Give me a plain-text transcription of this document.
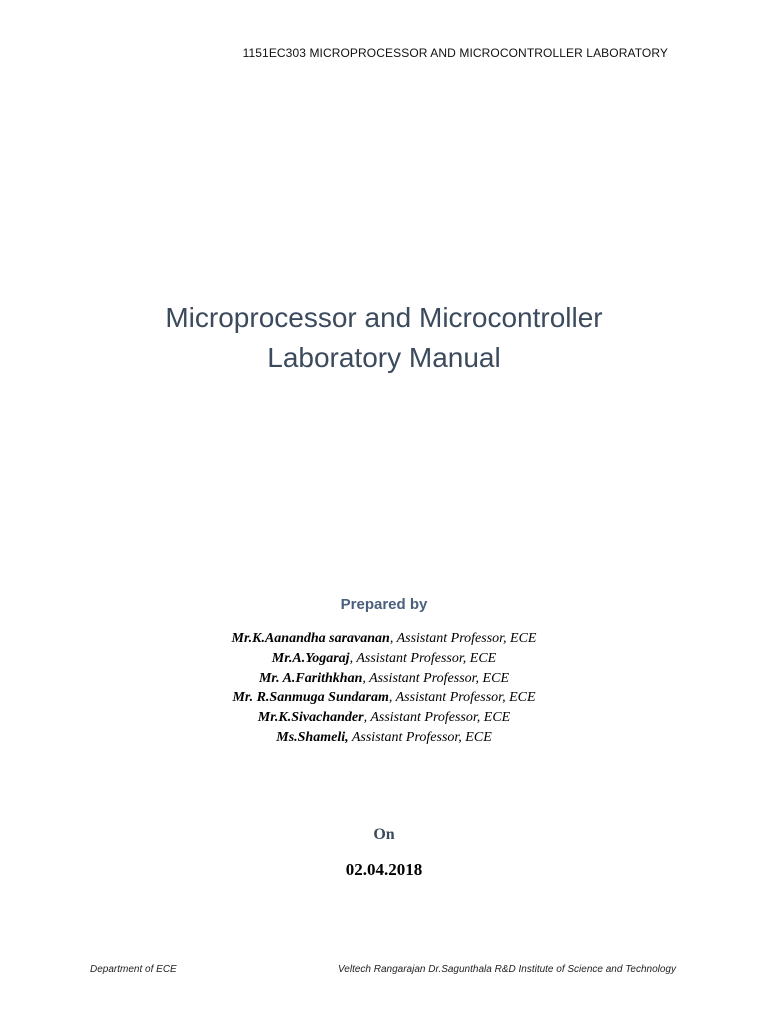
1151EC303 MICROPROCESSOR AND MICROCONTROLLER LABORATORY
Microprocessor and Microcontroller
Laboratory Manual
Prepared by
Mr.K.Aanandha saravanan, Assistant Professor, ECE
Mr.A.Yogaraj, Assistant Professor, ECE
Mr. A.Farithkhan, Assistant Professor, ECE
Mr. R.Sanmuga Sundaram, Assistant Professor, ECE
Mr.K.Sivachander, Assistant Professor, ECE
Ms.Shameli, Assistant Professor, ECE
On
02.04.2018
Department of ECE	Veltech Rangarajan Dr.Sagunthala R&D Institute of Science and Technology
